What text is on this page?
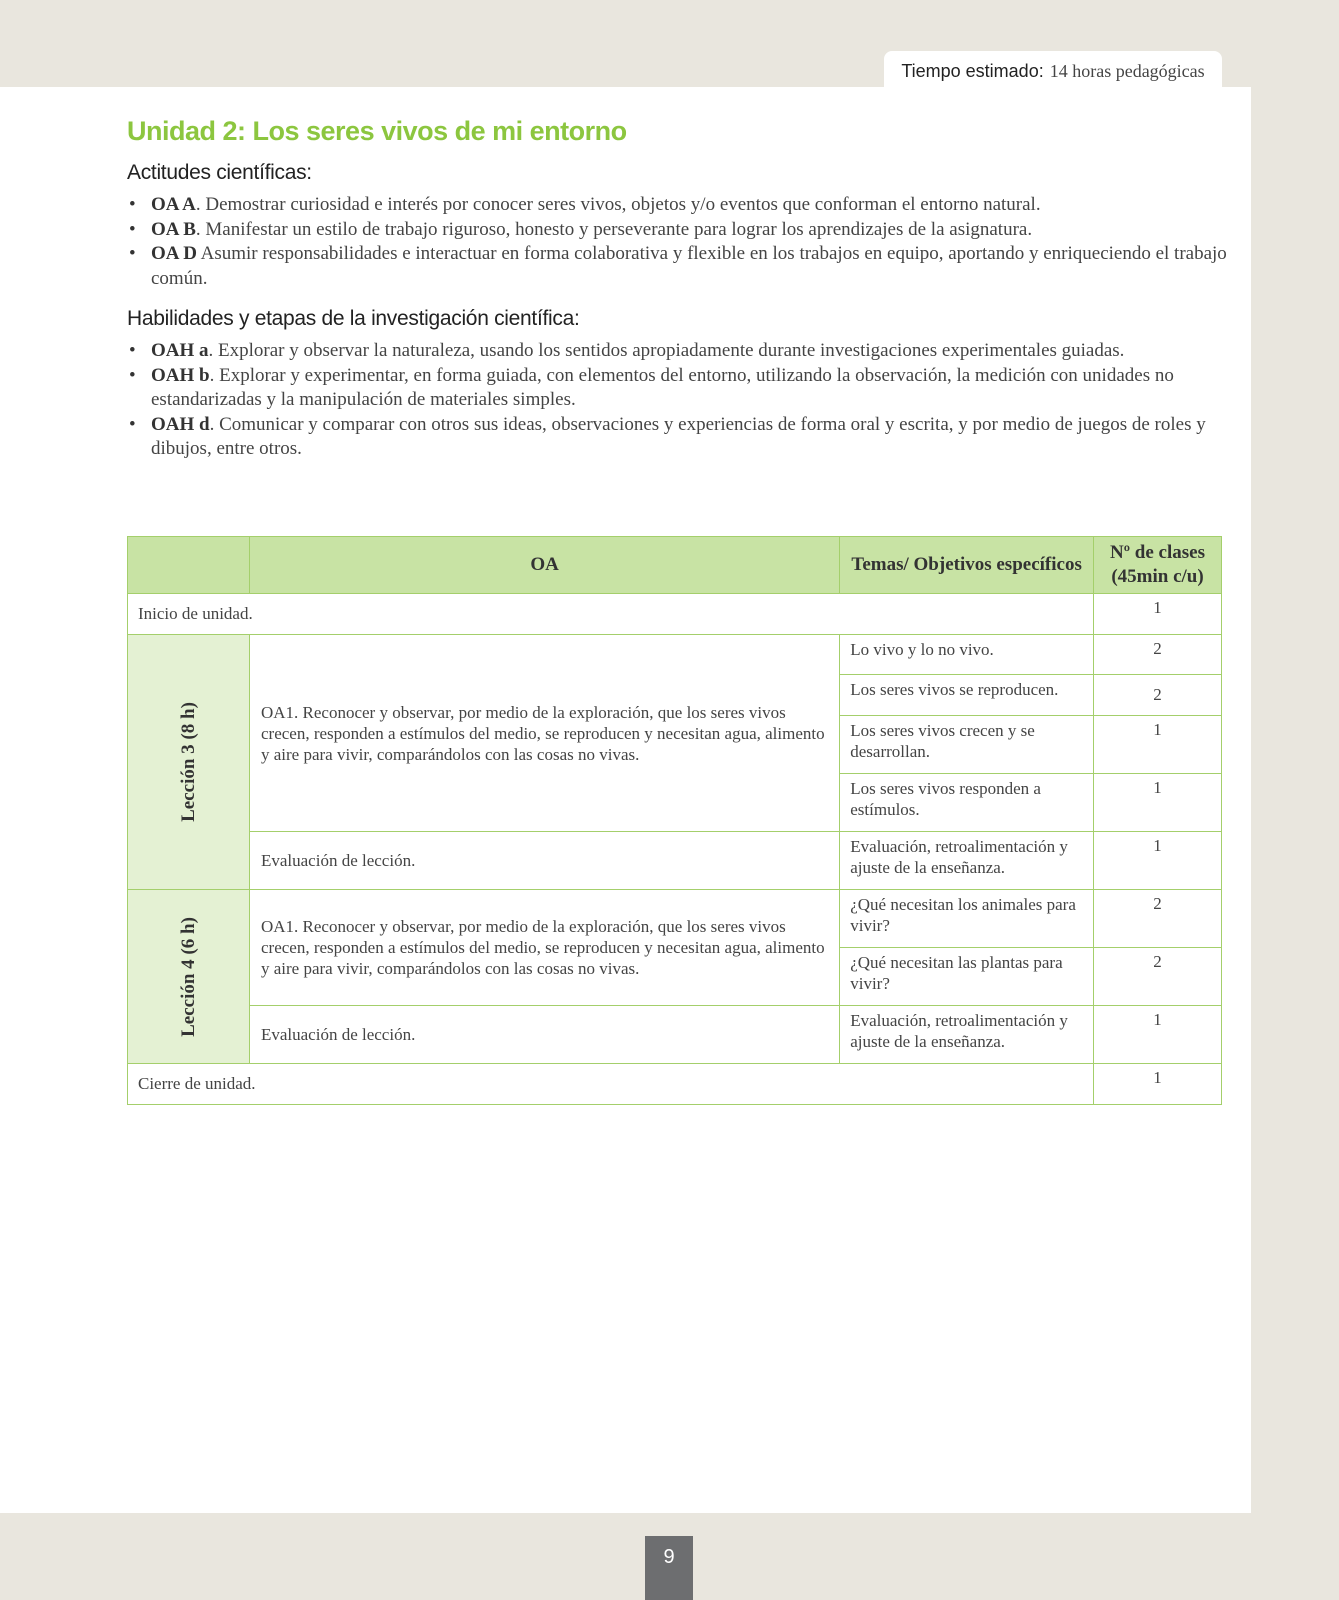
Tiempo estimado: 14 horas pedagógicas
Unidad 2: Los seres vivos de mi entorno
Actitudes científicas:
• OA A. Demostrar curiosidad e interés por conocer seres vivos, objetos y/o eventos que conforman el entorno natural.
• OA B. Manifestar un estilo de trabajo riguroso, honesto y perseverante para lograr los aprendizajes de la asignatura.
• OA D Asumir responsabilidades e interactuar en forma colaborativa y flexible en los trabajos en equipo, aportando y enriqueciendo el trabajo común.
Habilidades y etapas de la investigación científica:
• OAH a. Explorar y observar la naturaleza, usando los sentidos apropiadamente durante investigaciones experimentales guiadas.
• OAH b. Explorar y experimentar, en forma guiada, con elementos del entorno, utilizando la observación, la medición con unidades no estandarizadas y la manipulación de materiales simples.
• OAH d. Comunicar y comparar con otros sus ideas, observaciones y experiencias de forma oral y escrita, y por medio de juegos de roles y dibujos, entre otros.
	OA	Temas/ Objetivos específicos	Nº de clases (45min c/u)
Inicio de unidad.			1
Lección 3 (8 h)	OA1. Reconocer y observar, por medio de la exploración, que los seres vivos crecen, responden a estímulos del medio, se reproducen y necesitan agua, alimento y aire para vivir, comparándolos con las cosas no vivas.	Lo vivo y lo no vivo.	2
		Los seres vivos se reproducen.	2
		Los seres vivos crecen y se desarrollan.	1
		Los seres vivos responden a estímulos.	1
	Evaluación de lección.	Evaluación, retroalimentación y ajuste de la enseñanza.	1
Lección 4 (6 h)	OA1. Reconocer y observar, por medio de la exploración, que los seres vivos crecen, responden a estímulos del medio, se reproducen y necesitan agua, alimento y aire para vivir, comparándolos con las cosas no vivas.	¿Qué necesitan los animales para vivir?	2
		¿Qué necesitan las plantas para vivir?	2
	Evaluación de lección.	Evaluación, retroalimentación y ajuste de la enseñanza.	1
Cierre de unidad.			1
9
